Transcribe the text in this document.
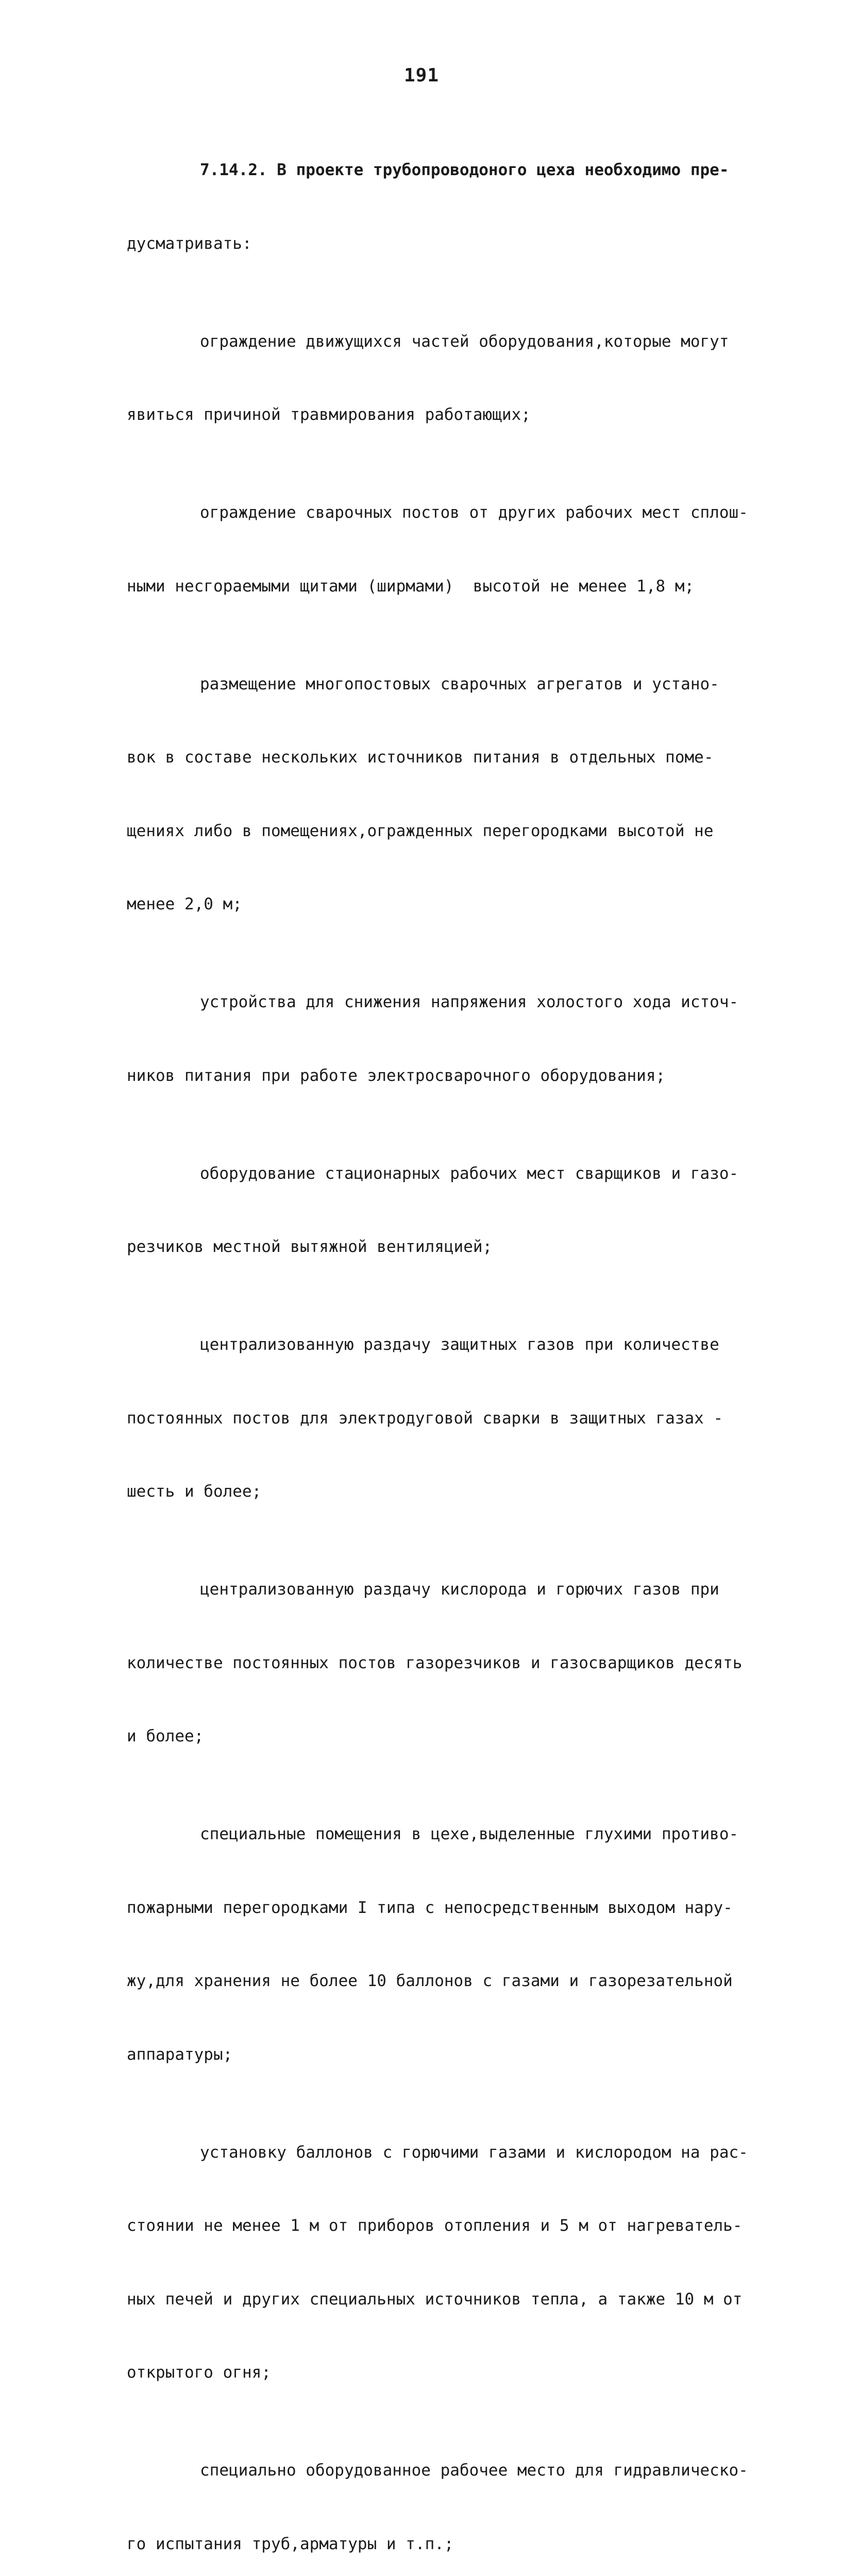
191

7.14.2. В проекте трубопроводоного цеха необходимо пре-

дусматривать:

ограждение движущихся частей оборудования,которые могут

явиться причиной травмирования работающих;

ограждение сварочных постов от других рабочих мест сплош-

ными несгораемыми щитами (ширмами)  высотой не менее 1,8 м;

размещение многопостовых сварочных агрегатов и устано-

вок в составе нескольких источников питания в отдельных поме-

щениях либо в помещениях,огражденных перегородками высотой не

менее 2,0 м;

устройства для снижения напряжения холостого хода источ-

ников питания при работе электросварочного оборудования;

оборудование стационарных рабочих мест сварщиков и газо-

резчиков местной вытяжной вентиляцией;

централизованную раздачу защитных газов при количестве

постоянных постов для электродуговой сварки в защитных газах -

шесть и более;

централизованную раздачу кислорода и горючих газов при

количестве постоянных постов газорезчиков и газосварщиков десять

и более;

специальные помещения в цехе,выделенные глухими противо-

пожарными перегородками I типа с непосредственным выходом нару-

жу,для хранения не более 10 баллонов с газами и газорезательной

аппаратуры;

установку баллонов с горючими газами и кислородом на рас-

стоянии не менее 1 м от приборов отопления и 5 м от нагреватель-

ных печей и других специальных источников тепла, а также 10 м от

открытого огня;

специально оборудованное рабочее место для гидравлическо-

го испытания труб,арматуры и т.п.;
